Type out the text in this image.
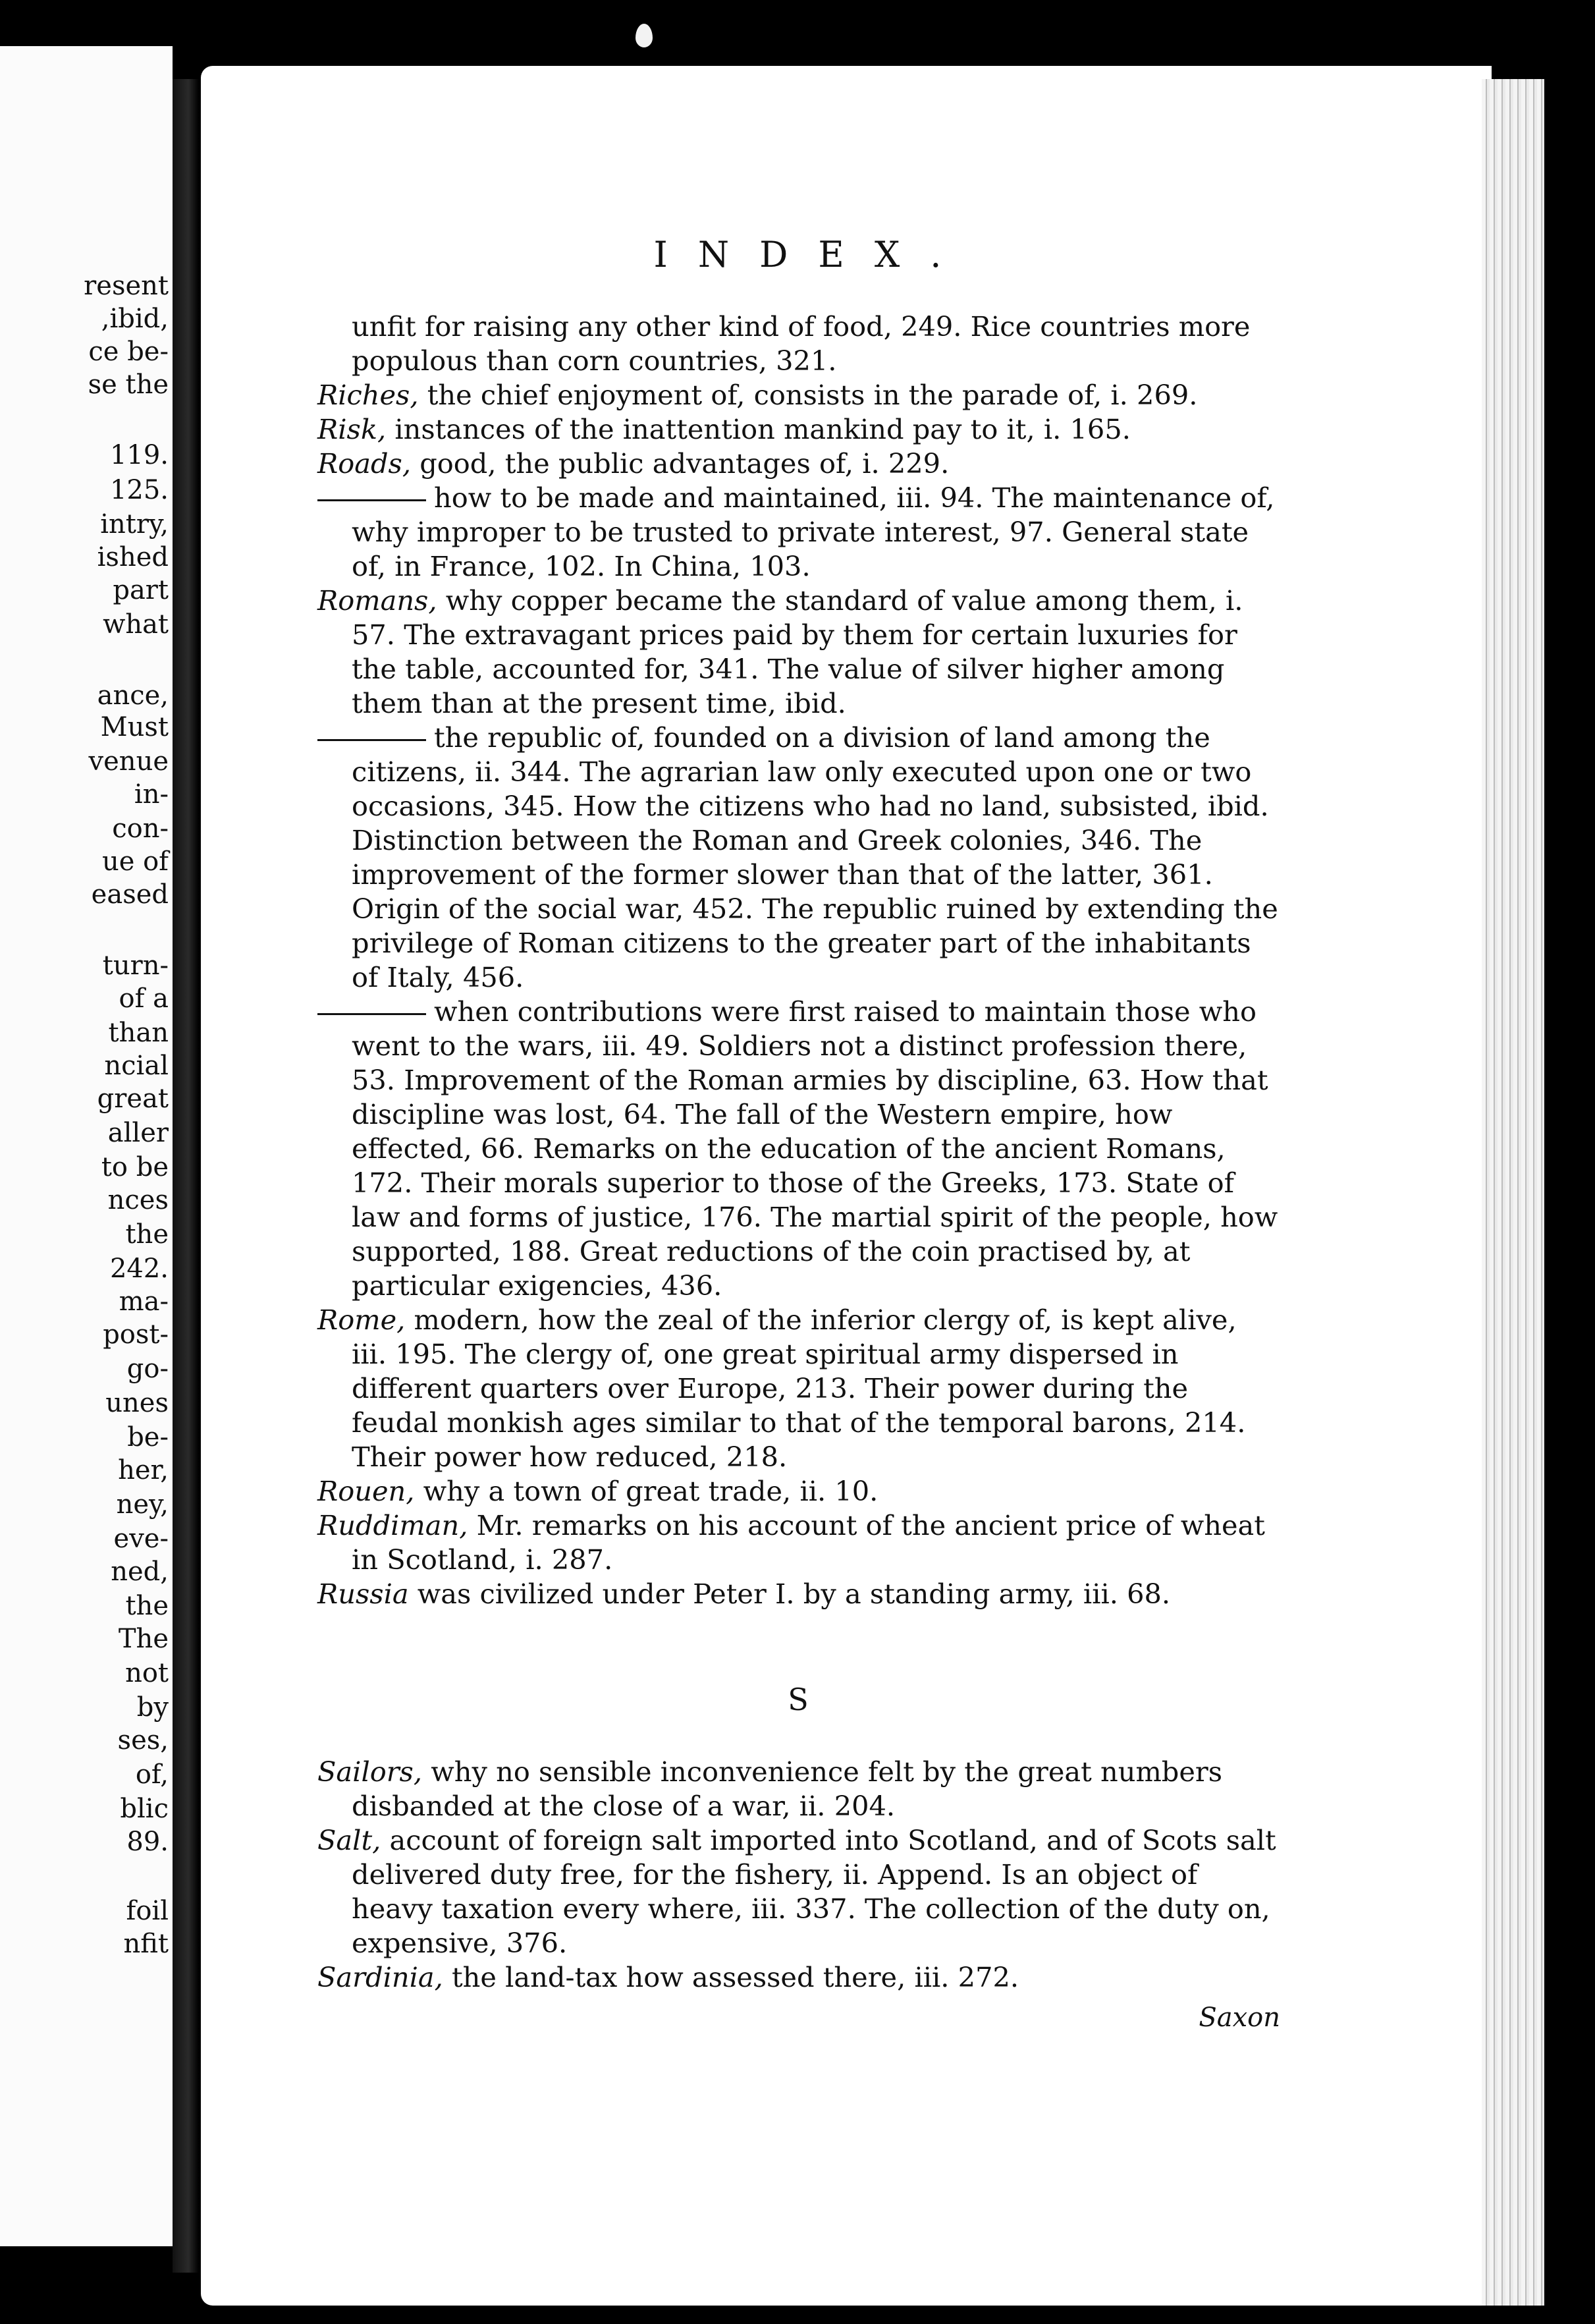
resent

,ibid,

ce be-

se the

119.

125.

intry,

ished

part

what

ance,

Must

venue

in-

con-

ue of

eased

turn-

of a

than

ncial

great

aller

to be

nces

the

242.

ma-

post-

go-

unes

be-

her,

ney,

eve-

ned,

the

The

not

by

ses,

of,

blic

89.

foil

nfit

INDEX.

unfit for raising any other kind of food, 249. Rice countries more populous than corn countries, 321.

Riches, the chief enjoyment of, consists in the parade of, i. 269.

Risk, instances of the inattention mankind pay to it, i. 165.

Roads, good, the public advantages of, i. 229.

how to be made and maintained, iii. 94. The maintenance of, why improper to be trusted to private interest, 97. General state of, in France, 102. In China, 103.

Romans, why copper became the standard of value among them, i. 57. The extravagant prices paid by them for certain luxuries for the table, accounted for, 341. The value of silver higher among them than at the present time, ibid.

the republic of, founded on a division of land among the citizens, ii. 344. The agrarian law only executed upon one or two occasions, 345. How the citizens who had no land, subsisted, ibid. Distinction between the Roman and Greek colonies, 346. The improvement of the former slower than that of the latter, 361. Origin of the social war, 452. The republic ruined by extending the privilege of Roman citizens to the greater part of the inhabitants of Italy, 456.

when contributions were first raised to maintain those who went to the wars, iii. 49. Soldiers not a distinct profession there, 53. Improvement of the Roman armies by discipline, 63. How that discipline was lost, 64. The fall of the Western empire, how effected, 66. Remarks on the education of the ancient Romans, 172. Their morals superior to those of the Greeks, 173. State of law and forms of justice, 176. The martial spirit of the people, how supported, 188. Great reductions of the coin practised by, at particular exigencies, 436.

Rome, modern, how the zeal of the inferior clergy of, is kept alive, iii. 195. The clergy of, one great spiritual army dispersed in different quarters over Europe, 213. Their power during the feudal monkish ages similar to that of the temporal barons, 214. Their power how reduced, 218.

Rouen, why a town of great trade, ii. 10.

Ruddiman, Mr. remarks on his account of the ancient price of wheat in Scotland, i. 287.

Russia was civilized under Peter I. by a standing army, iii. 68.

S

Sailors, why no sensible inconvenience felt by the great numbers disbanded at the close of a war, ii. 204.

Salt, account of foreign salt imported into Scotland, and of Scots salt delivered duty free, for the fishery, ii. Append. Is an object of heavy taxation every where, iii. 337. The collection of the duty on, expensive, 376.

Sardinia, the land-tax how assessed there, iii. 272.

Saxon
